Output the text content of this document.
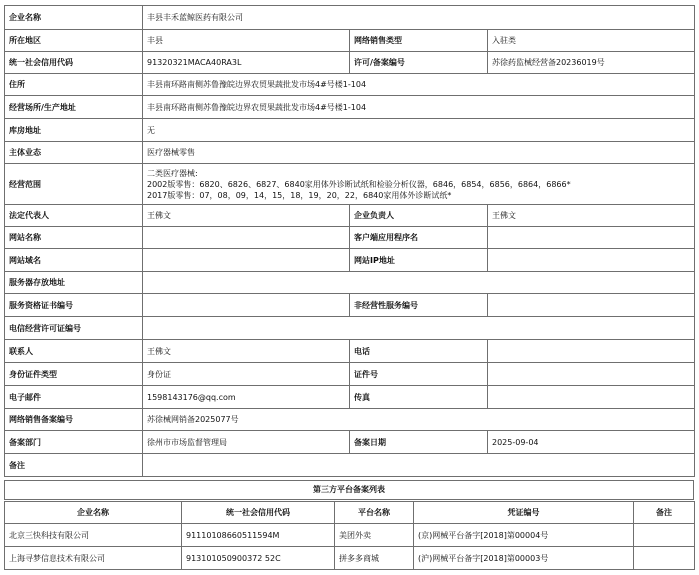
企业名称	丰县丰禾蓝鲸医药有限公司		
所在地区	丰县	网络销售类型	入驻类
统一社会信用代码	91320321MACA40RA3L	许可/备案编号	苏徐药监械经营备20236019号
住所	丰县南环路南侧苏鲁豫皖边界农贸果蔬批发市场4#号楼1-104		
经营场所/生产地址	丰县南环路南侧苏鲁豫皖边界农贸果蔬批发市场4#号楼1-104		
库房地址	无		
主体业态	医疗器械零售		
经营范围	二类医疗器械:
2002版零售：6820、6826、6827、6840家用体外诊断试纸和检验分析仪器，6846，6854，6856，6864，6866*
2017版零售：07，08，09，14，15，18，19，20，22，6840家用体外诊断试纸*		

法定代表人	王佛文	企业负责人	王佛文
网站名称		客户端应用程序名	
网站域名		网站IP地址	
服务器存放地址			
服务资格证书编号		非经营性服务编号	
电信经营许可证编号			
联系人	王佛文	电话	
身份证件类型	身份证	证件号	
电子邮件	1598143176@qq.com	传真	
网络销售备案编号	苏徐械网销备2025077号		
备案部门	徐州市市场监督管理局	备案日期	2025-09-04
备注			
第三方平台备案列表
企业名称	统一社会信用代码	平台名称	凭证编号	备注
北京三快科技有限公司	91110108660511594M	美团外卖	(京)网械平台备字[2018]第00004号	
上海寻梦信息技术有限公司	913101050900372 52C	拼多多商城	(沪)网械平台备字[2018]第00003号	
